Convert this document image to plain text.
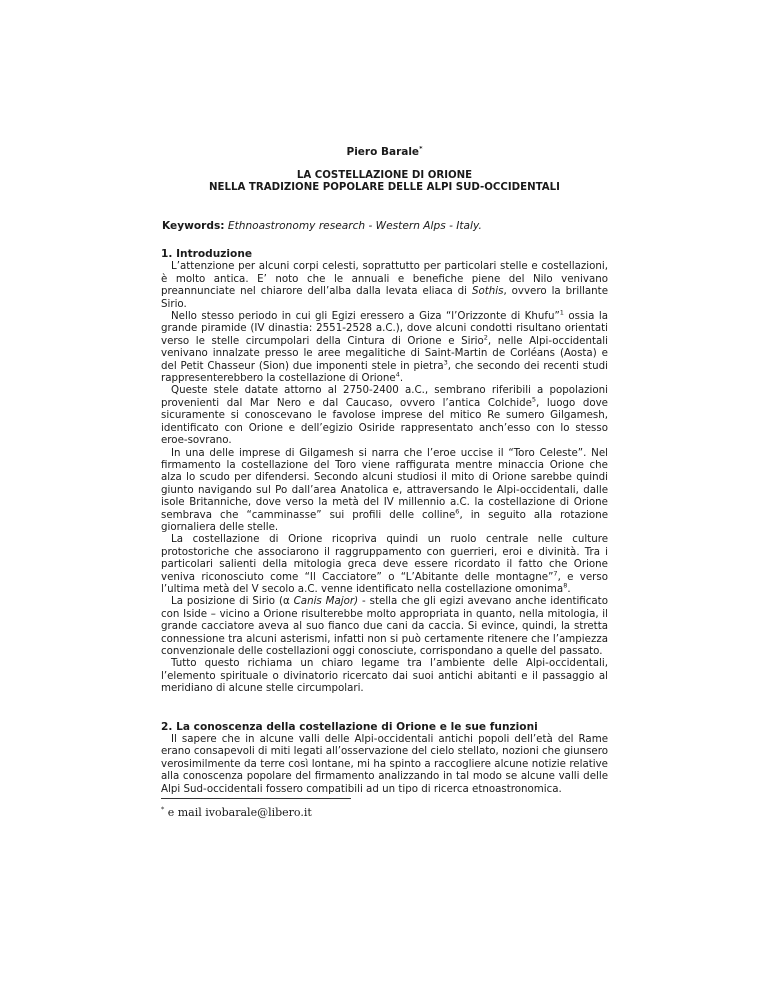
Piero Barale*
LA COSTELLAZIONE DI ORIONE
NELLA TRADIZIONE POPOLARE DELLE ALPI SUD-OCCIDENTALI
Keywords: Ethnoastronomy research - Western Alps - Italy.
1. Introduzione

L’attenzione per alcuni corpi celesti, soprattutto per particolari stelle e costellazioni, è molto antica. E’ noto che le annuali e benefiche piene del Nilo venivano preannunciate nel chiarore dell’alba dalla levata eliaca di Sothis, ovvero la brillante Sirio.

Nello stesso periodo in cui gli Egizi eressero a Giza “l’Orizzonte di Khufu”$^1$ ossia la grande piramide (IV dinastia: 2551-2528 a.C.), dove alcuni condotti risultano orientati verso le stelle circumpolari della Cintura di Orione e Sirio$^2$, nelle Alpi-occidentali venivano innalzate presso le aree megalitiche di Saint-Martin de Corléans (Aosta) e del Petit Chasseur (Sion) due imponenti stele in pietra$^3$, che secondo dei recenti studi rappresenterebbero la costellazione di Orione$^4$.

Queste stele datate attorno al 2750-2400 a.C., sembrano riferibili a popolazioni provenienti dal Mar Nero e dal Caucaso, ovvero l’antica Colchide$^5$, luogo dove sicuramente si conoscevano le favolose imprese del mitico Re sumero Gilgamesh, identificato con Orione e dell’egizio Osiride rappresentato anch’esso con lo stesso eroe-sovrano.

In una delle imprese di Gilgamesh si narra che l’eroe uccise il “Toro Celeste”. Nel firmamento la costellazione del Toro viene raffigurata mentre minaccia Orione che alza lo scudo per difendersi. Secondo alcuni studiosi il mito di Orione sarebbe quindi giunto navigando sul Po dall’area Anatolica e, attraversando le Alpi-occidentali, dalle isole Britanniche, dove verso la metà del IV millennio a.C. la costellazione di Orione sembrava che “camminasse” sui profili delle colline$^6$, in seguito alla rotazione giornaliera delle stelle.

La costellazione di Orione ricopriva quindi un ruolo centrale nelle culture protostoriche che associarono il raggruppamento con guerrieri, eroi e divinità. Tra i particolari salienti della mitologia greca deve essere ricordato il fatto che Orione veniva riconosciuto come “Il Cacciatore” o “L’Abitante delle montagne”$^7$, e verso l’ultima metà del V secolo a.C. venne identificato nella costellazione omonima$^8$.

La posizione di Sirio (α Canis Major) - stella che gli egizi avevano anche identificato con Iside – vicino a Orione risulterebbe molto appropriata in quanto, nella mitologia, il grande cacciatore aveva al suo fianco due cani da caccia. Si evince, quindi, la stretta connessione tra alcuni asterismi, infatti non si può certamente ritenere che l’ampiezza convenzionale delle costellazioni oggi conosciute, corrispondano a quelle del passato.

Tutto questo richiama un chiaro legame tra l’ambiente delle Alpi-occidentali, l’elemento spirituale o divinatorio ricercato dai suoi antichi abitanti e il passaggio al meridiano di alcune stelle circumpolari.

2. La conoscenza della costellazione di Orione e le sue funzioni

Il sapere che in alcune valli delle Alpi-occidentali antichi popoli dell’età del Rame erano consapevoli di miti legati all’osservazione del cielo stellato, nozioni che giunsero verosimilmente da terre così lontane, mi ha spinto a raccogliere alcune notizie relative alla conoscenza popolare del firmamento analizzando in tal modo se alcune valli delle Alpi Sud-occidentali fossero compatibili ad un tipo di ricerca etnoastronomica.

* e mail ivobarale@libero.it
